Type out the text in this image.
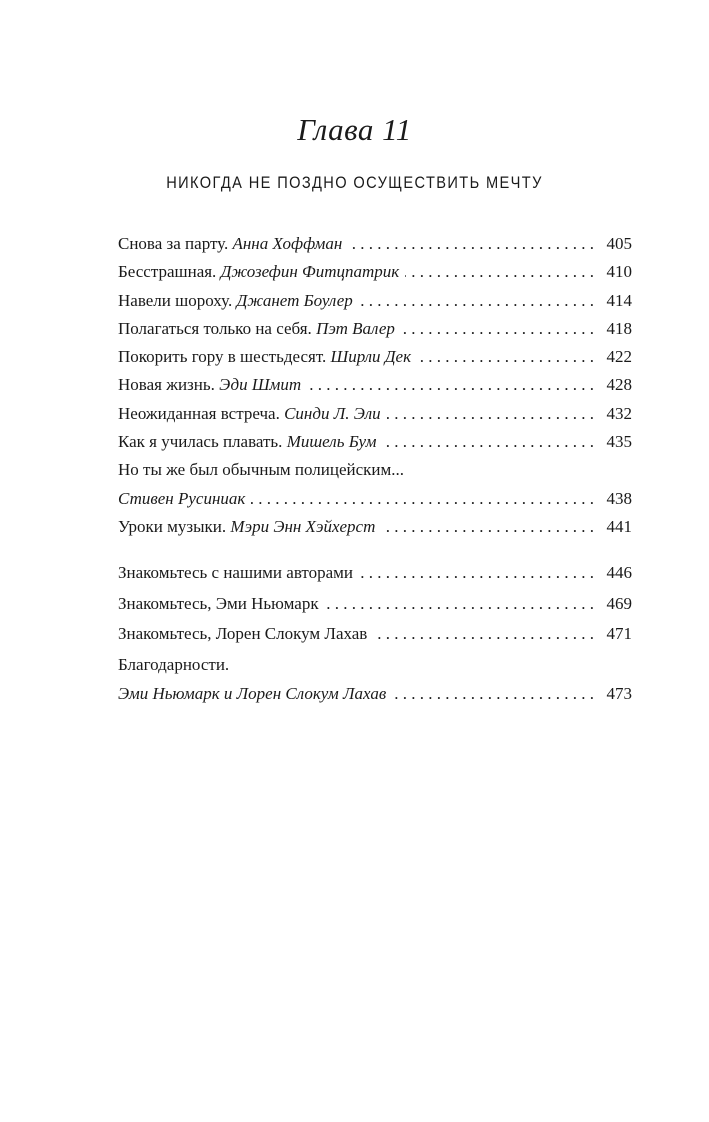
Глава 11
НИКОГДА НЕ ПОЗДНО ОСУЩЕСТВИТЬ МЕЧТУ
Снова за парту.
Анна Хоффман . . .	405
Бесстрашная.
Джозефин Фитцпатрик . . .	410
Навели шороху.
Джанет Боулер . . .	414
Полагаться только на себя.
Пэт Валер . . .	418
Покорить гору в шестьдесят.
Ширли Дек . . .	422
Новая жизнь.
Эди Шмит . . .	428
Неожиданная встреча.
Синди Л. Эли . . .	432
Как я училась плавать.
Мишель Бум . . .	435
Но ты же был обычным полицейским...
Стивен Русиниак . . .	438
Уроки музыки.
Мэри Энн Хэйхерст . . .	441
Знакомьтесь с нашими авторами . . .	446
Знакомьтесь, Эми Ньюмарк . . .	469
Знакомьтесь, Лорен Слокум Лахав . . .	471
Благодарности.
Эми Ньюмарк и Лорен Слокум Лахав . . .	473
